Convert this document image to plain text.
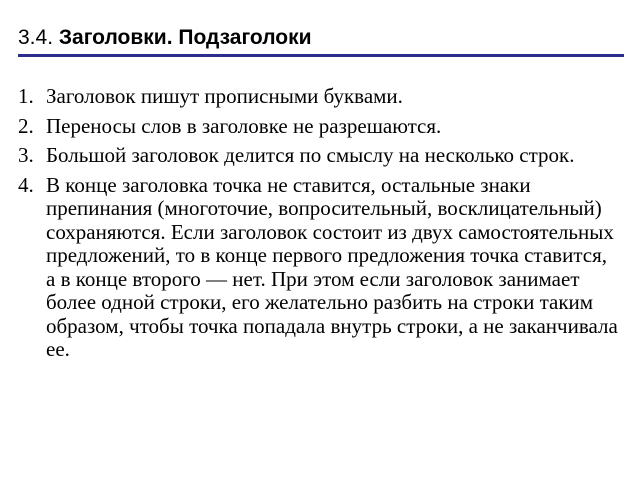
3.4. Заголовки. Подзаголоки
1. Заголовок пишут прописными буквами.
2. Переносы слов в заголовке не разрешаются.
3. Большой заголовок делится по смыслу на несколько строк.
4. В конце заголовка точка не ставится, остальные знаки препинания (многоточие, вопросительный, восклицательный) сохраняются. Если заголовок состоит из двух самостоятельных предложений, то в конце первого предложения точка ставится, а в конце второго — нет. При этом если заголовок занимает более одной строки, его желательно разбить на строки таким образом, чтобы точка попадала внутрь строки, а не заканчивала ее.
